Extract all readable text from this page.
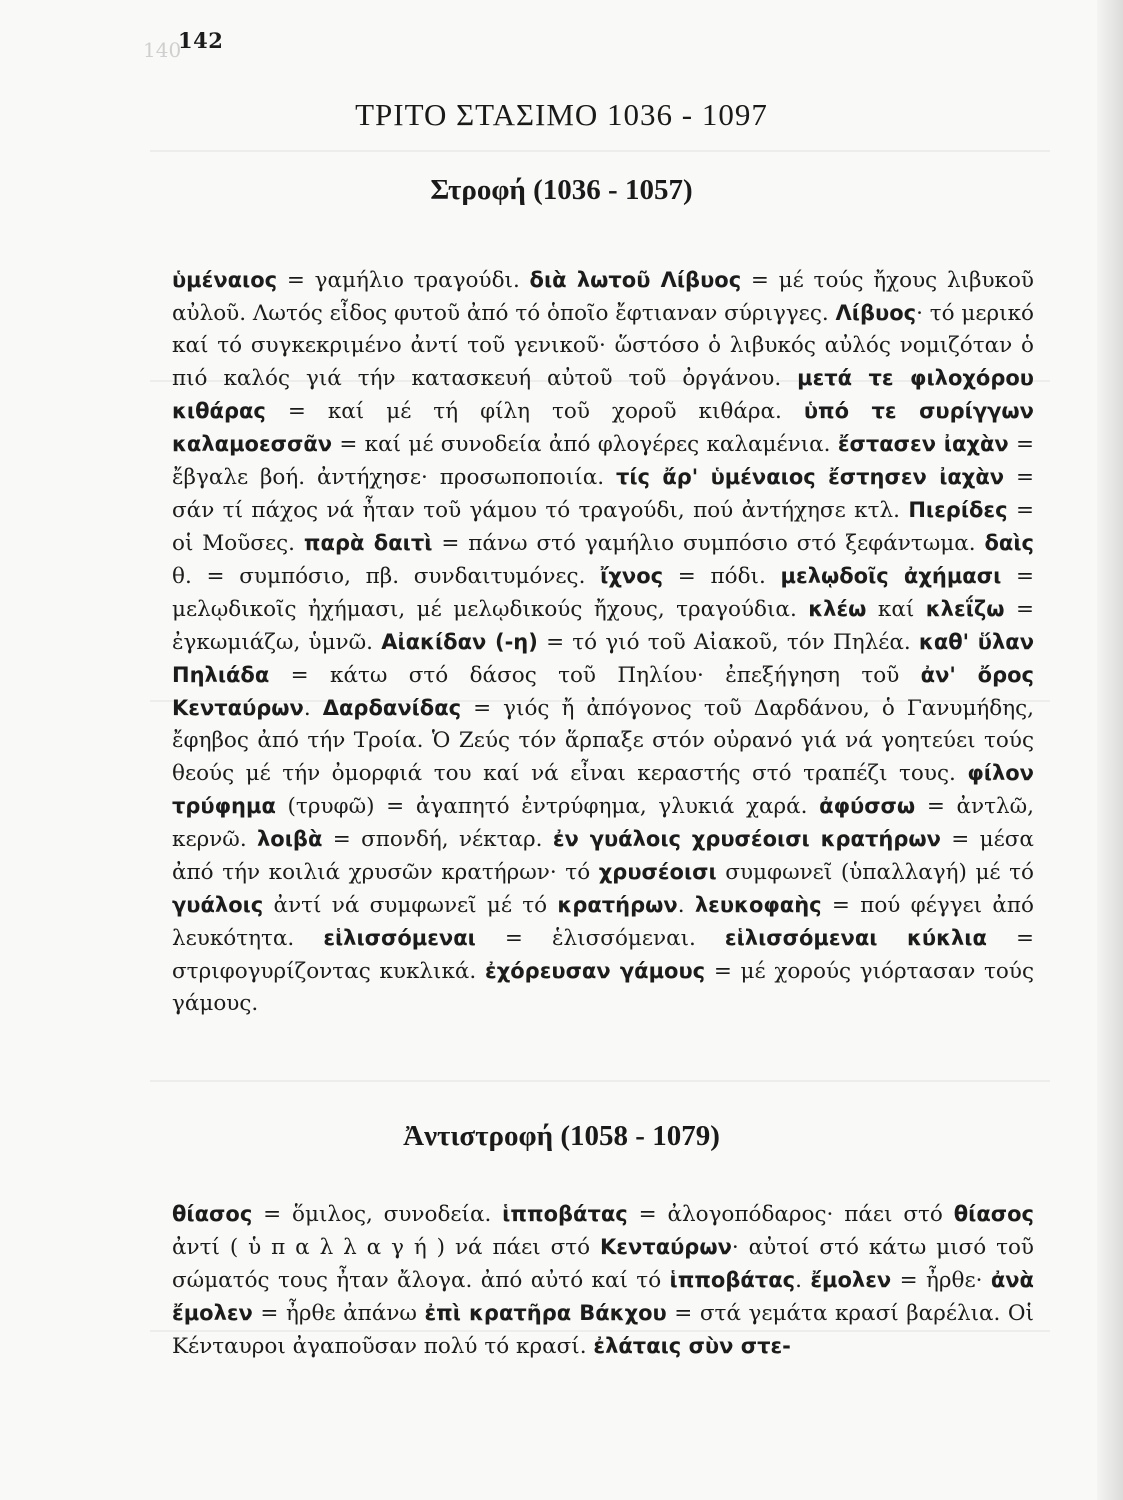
140
142
ΤΡΙΤΟ ΣΤΑΣΙΜΟ 1036 - 1097
Στροφή (1036 - 1057)
ὑμέναιος = γαμήλιο τραγούδι. διὰ λωτοῦ Λίβυος = μέ τούς ἤχους λιβυκοῦ αὐλοῦ. Λωτός εἶδος φυτοῦ ἀπό τό ὁποῖο ἔφτιαναν σύριγγες. Λίβυος· τό μερικό καί τό συγκεκριμένο ἀντί τοῦ γενικοῦ· ὥστόσο ὁ λιβυκός αὐλός νομιζόταν ὁ πιό καλός γιά τήν κατασκευή αὐτοῦ τοῦ ὀργάνου. μετά τε φιλοχόρου κιθάρας = καί μέ τή φίλη τοῦ χοροῦ κιθάρα. ὑπό τε συρίγγων καλαμοεσσᾶν = καί μέ συνοδεία ἀπό φλογέρες καλαμένια. ἔστασεν ἰαχὰν = ἔβγαλε βοή. ἀντήχησε· προσωποποιία. τίς ἄρ' ὑμέναιος ἔστησεν ἰαχὰν = σάν τί πάχος νά ἦταν τοῦ γάμου τό τραγούδι, πού ἀντήχησε κτλ. Πιερίδες = οἱ Μοῦσες. παρὰ δαιτὶ = πάνω στό γαμήλιο συμπόσιο στό ξεφάντωμα. δαὶς θ. = συμπόσιο, πβ. συνδαιτυμόνες. ἴχνος = πόδι. μελῳδοῖς ἀχήμασι = μελῳδικοῖς ἠχήμασι, μέ μελῳδικούς ἤχους, τραγούδια. κλέω καί κλεΐζω = ἐγκωμιάζω, ὑμνῶ. Αἰακίδαν (-η) = τό γιό τοῦ Αἰακοῦ, τόν Πηλέα. καθ' ὕλαν Πηλιάδα = κάτω στό δάσος τοῦ Πηλίου· ἐπεξήγηση τοῦ ἀν' ὄρος Κενταύρων. Δαρδανίδας = γιός ἤ ἀπόγονος τοῦ Δαρδάνου, ὁ Γανυμήδης, ἔφηβος ἀπό τήν Τροία. Ὁ Ζεύς τόν ἅρπαξε στόν οὐρανό γιά νά γοητεύει τούς θεούς μέ τήν ὀμορφιά του καί νά εἶναι κεραστής στό τραπέζι τους. φίλον τρύφημα (τρυφῶ) = ἀγαπητό ἐντρύφημα, γλυκιά χαρά. ἀφύσσω = ἀντλῶ, κερνῶ. λοιβὰ = σπονδή, νέκταρ. ἐν γυάλοις χρυσέοισι κρατήρων = μέσα ἀπό τήν κοιλιά χρυσῶν κρατήρων· τό χρυσέοισι συμφωνεῖ (ὑπαλλαγή) μέ τό γυάλοις ἀντί νά συμφωνεῖ μέ τό κρατήρων. λευκοφαὴς = πού φέγγει ἀπό λευκότητα. εἱλισσόμεναι = ἑλισσόμεναι. εἱλισσόμεναι κύκλια = στριφογυρίζοντας κυκλικά. ἐχόρευσαν γάμους = μέ χορούς γιόρτασαν τούς γάμους.
Ἀντιστροφή (1058 - 1079)
θίασος = ὅμιλος, συνοδεία. ἱπποβάτας = ἀλογοπόδαρος· πάει στό θίασος ἀντί ( ὑ π α λ λ α γ ή ) νά πάει στό Κενταύρων· αὐτοί στό κάτω μισό τοῦ σώματός τους ἦταν ἄλογα. ἀπό αὐτό καί τό ἱπποβάτας. ἔμολεν = ἦρθε· ἀνὰ ἔμολεν = ἦρθε ἀπάνω ἐπὶ κρατῆρα Βάκχου = στά γεμάτα κρασί βαρέλια. Οἱ Κένταυροι ἀγαποῦσαν πολύ τό κρασί. ἐλάταις σὺν στε-
